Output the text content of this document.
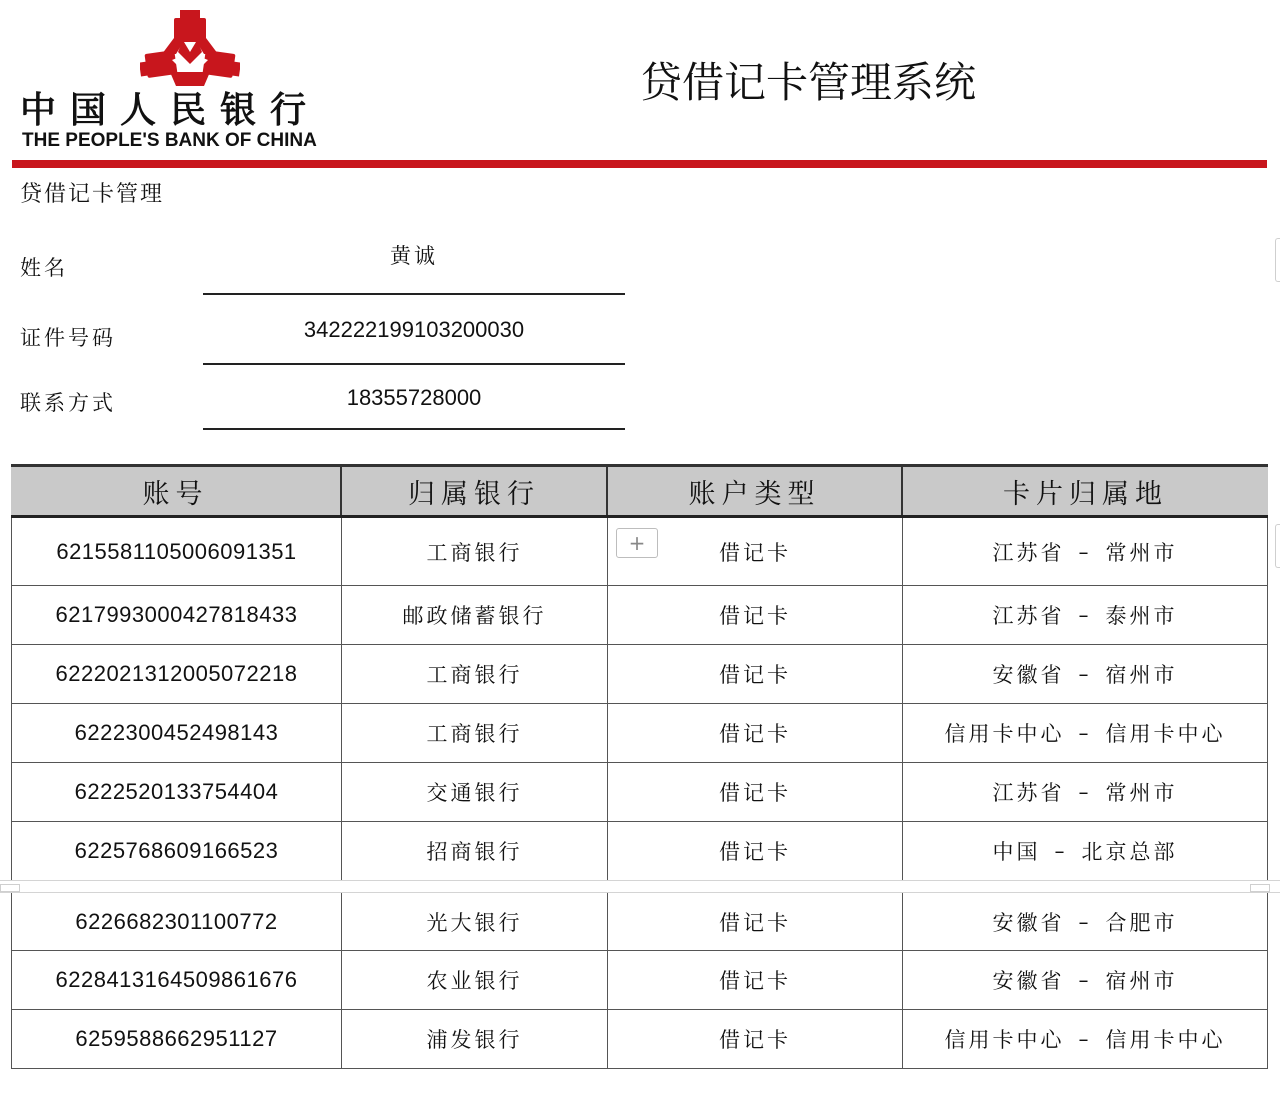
中国人民银行
THE PEOPLE'S BANK OF CHINA
贷借记卡管理系统
贷借记卡管理
姓名	黄诚
证件号码	342222199103200030
联系方式	18355728000
账号	归属银行	账户类型	卡片归属地
6215581105006091351	工商银行	借记卡	江苏省 – 常州市
6217993000427818433	邮政储蓄银行	借记卡	江苏省 – 泰州市
6222021312005072218	工商银行	借记卡	安徽省 – 宿州市
6222300452498143	工商银行	借记卡	信用卡中心 – 信用卡中心
6222520133754404	交通银行	借记卡	江苏省 – 常州市
6225768609166523	招商银行	借记卡	中国 – 北京总部
6226682301100772	光大银行	借记卡	安徽省 – 合肥市
6228413164509861676	农业银行	借记卡	安徽省 – 宿州市
6259588662951127	浦发银行	借记卡	信用卡中心 – 信用卡中心
+
